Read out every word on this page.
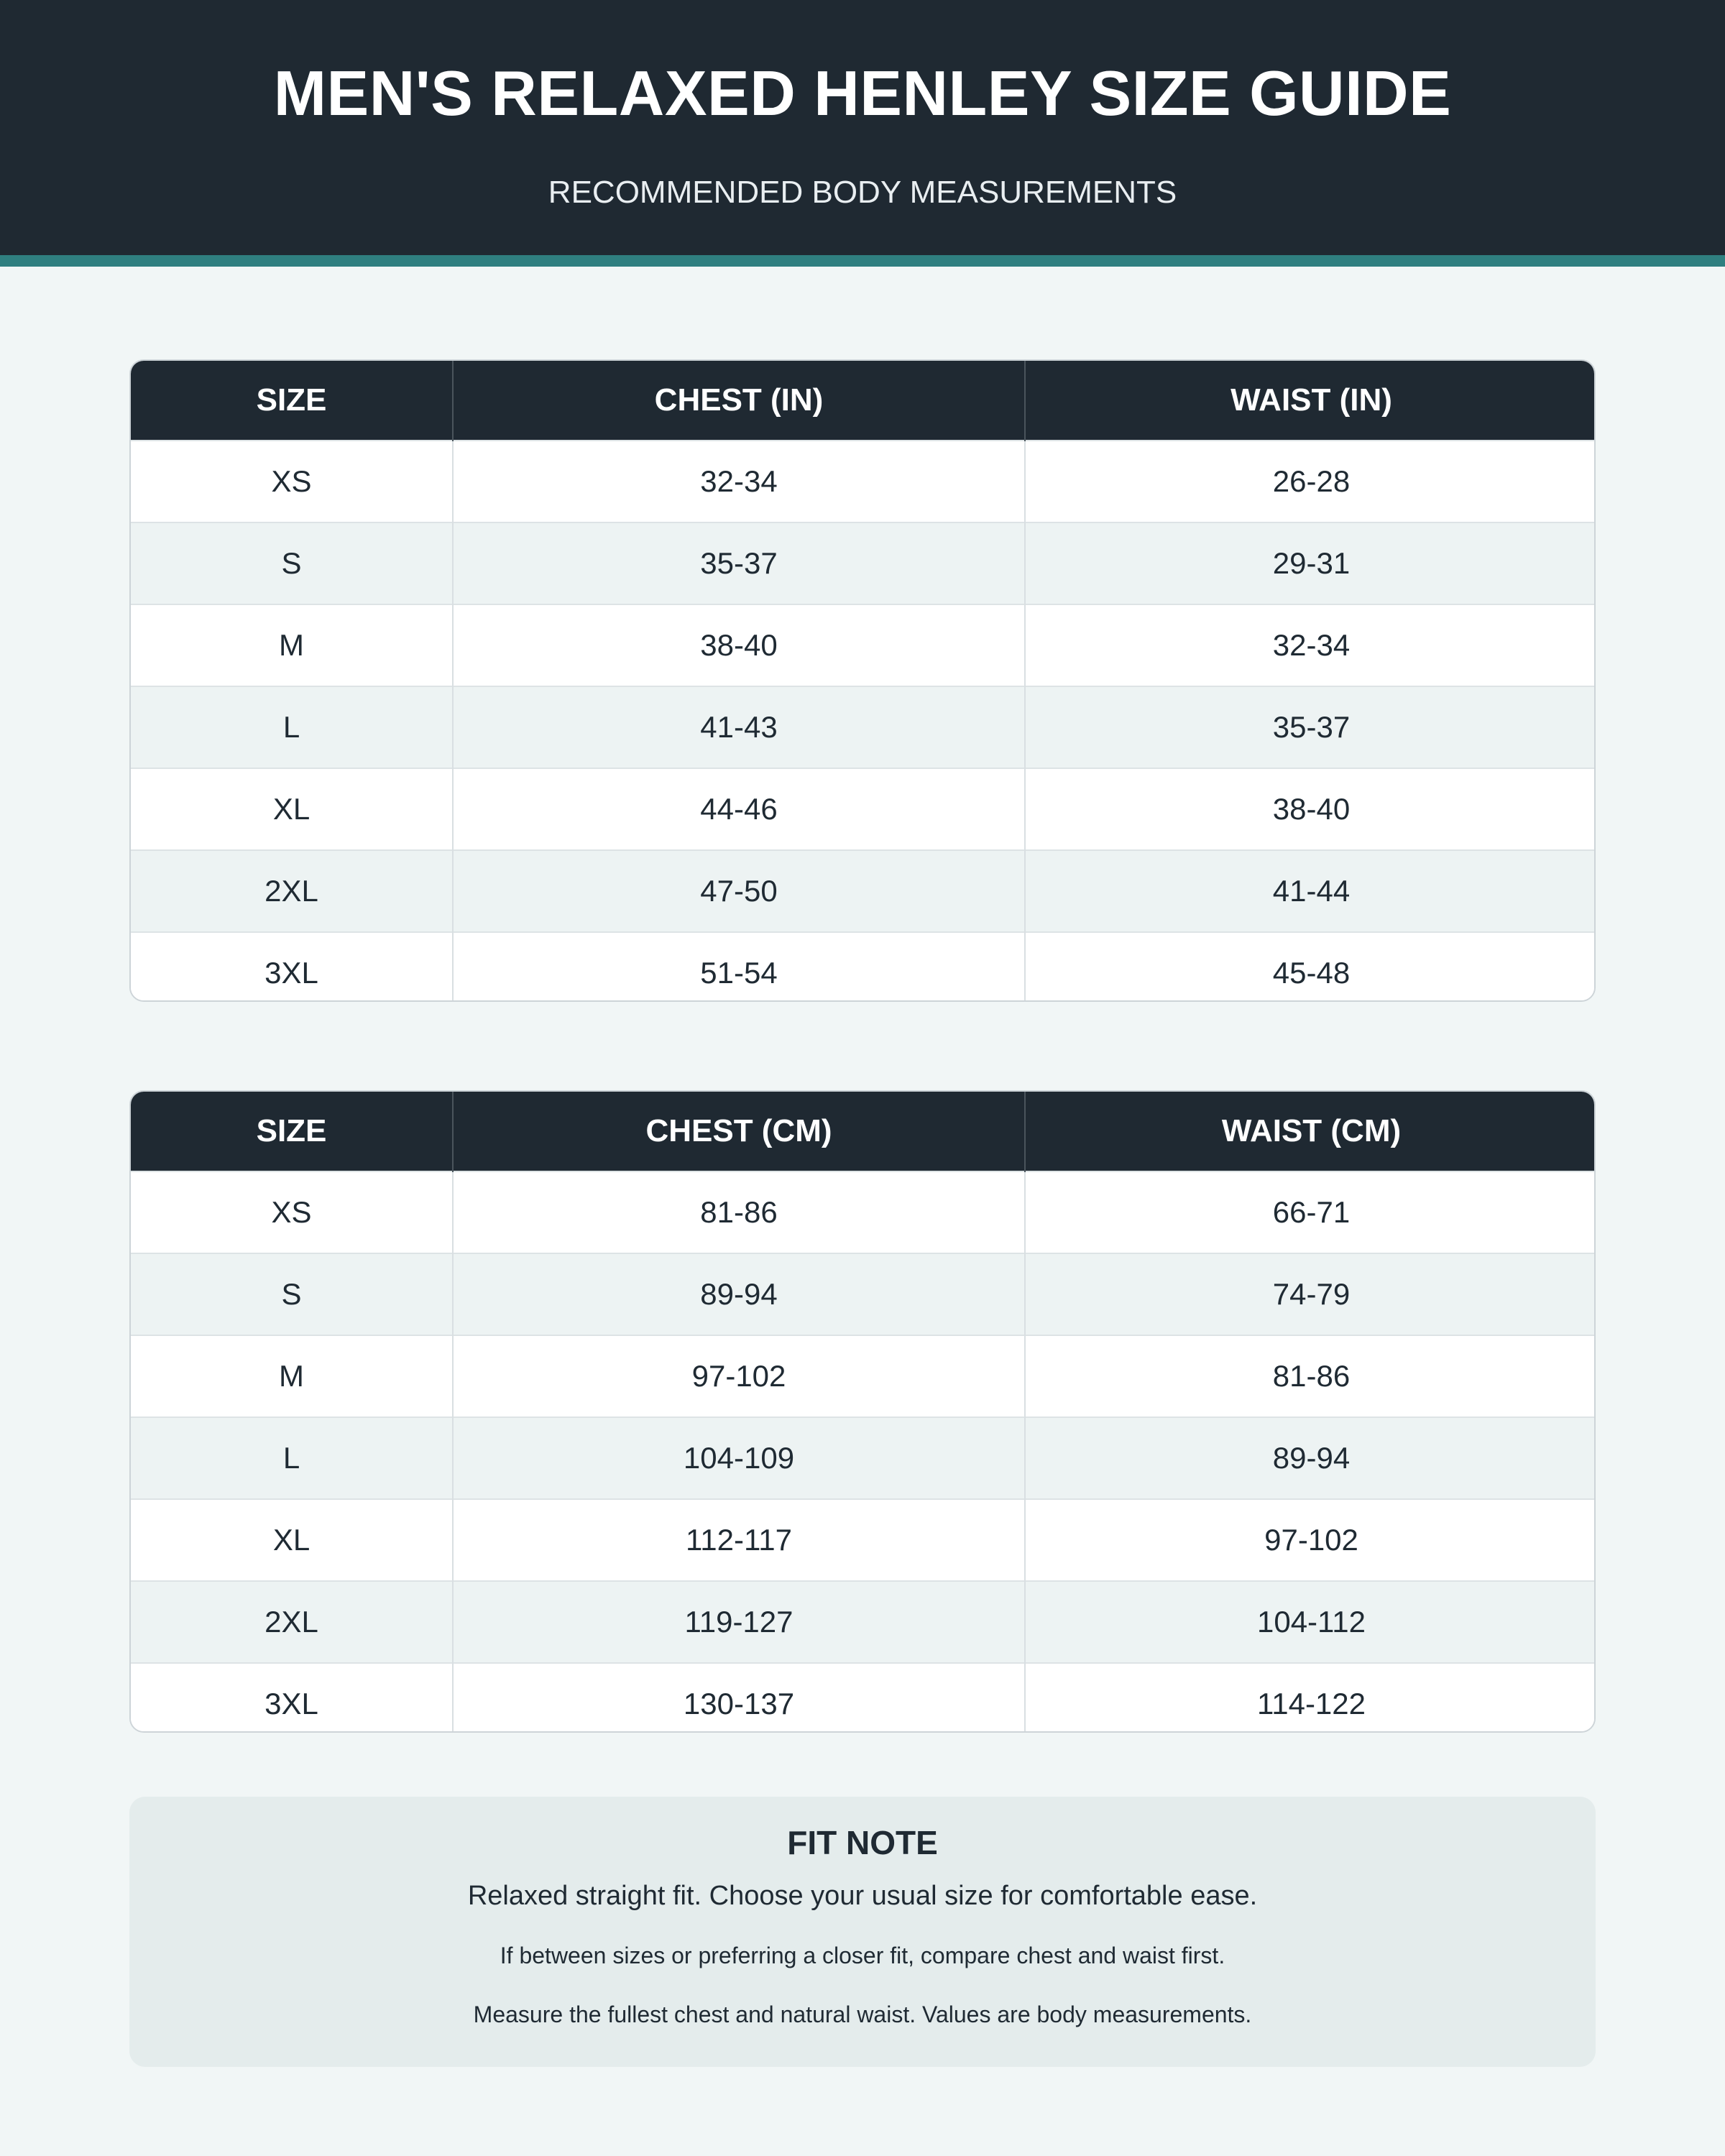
MEN'S RELAXED HENLEY SIZE GUIDE
RECOMMENDED BODY MEASUREMENTS
SIZE	CHEST (IN)	WAIST (IN)
XS	32-34	26-28
S	35-37	29-31
M	38-40	32-34
L	41-43	35-37
XL	44-46	38-40
2XL	47-50	41-44
3XL	51-54	45-48
SIZE	CHEST (CM)	WAIST (CM)
XS	81-86	66-71
S	89-94	74-79
M	97-102	81-86
L	104-109	89-94
XL	112-117	97-102
2XL	119-127	104-112
3XL	130-137	114-122
FIT NOTE
Relaxed straight fit. Choose your usual size for comfortable ease.
If between sizes or preferring a closer fit, compare chest and waist first.
Measure the fullest chest and natural waist. Values are body measurements.
